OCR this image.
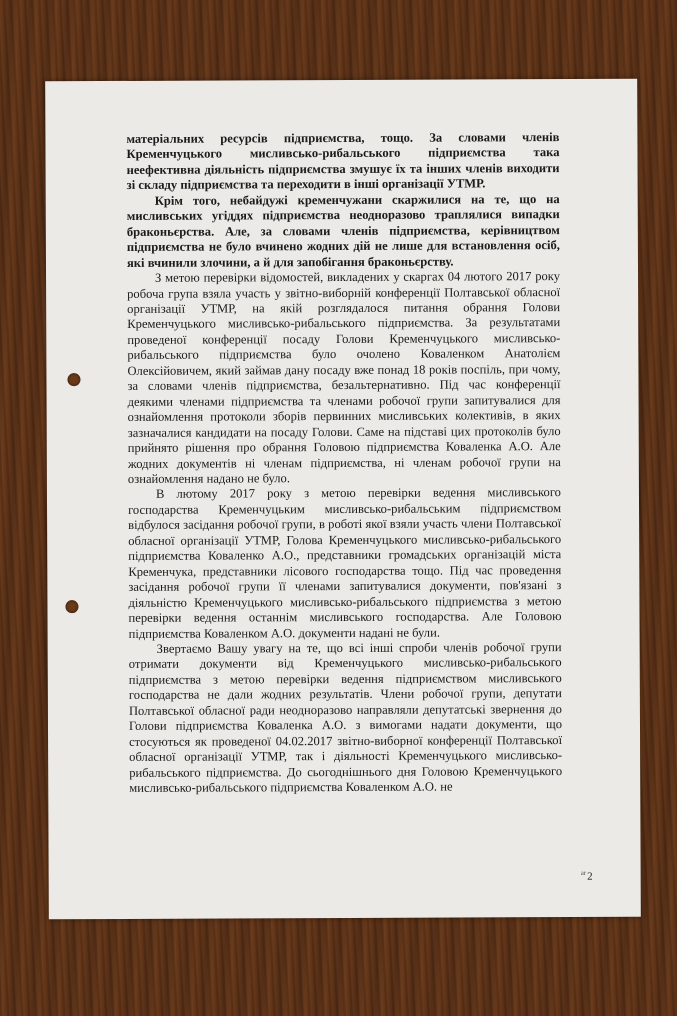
матеріальних ресурсів підприємства, тощо. За словами членів Кременчуцького мисливсько-рибальського підприємства така неефективна діяльність підприємства змушує їх та інших членів виходити зі складу підприємства та переходити в інші організації УТМР.

Крім того, небайдужі кременчужани скаржилися на те, що на мисливських угіддях підприємства неодноразово траплялися випадки браконьєрства. Але, за словами членів підприємства, керівництвом підприємства не було вчинено жодних дій не лише для встановлення осіб, які вчинили злочини, а й для запобігання браконьєрству.

З метою перевірки відомостей, викладених у скаргах 04 лютого 2017 року робоча група взяла участь у звітно-виборній конференції Полтавської обласної організації УТМР, на якій розглядалося питання обрання Голови Кременчуцького мисливсько-рибальського підприємства. За результатами проведеної конференції посаду Голови Кременчуцького мисливсько-рибальського підприємства було очолено Коваленком Анатолієм Олексійовичем, який займав дану посаду вже понад 18 років поспіль, при чому, за словами членів підприємства, безальтернативно. Під час конференції деякими членами підприємства та членами робочої групи запитувалися для ознайомлення протоколи зборів первинних мисливських колективів, в яких зазначалися кандидати на посаду Голови. Саме на підставі цих протоколів було прийнято рішення про обрання Головою підприємства Коваленка А.О. Але жодних документів ні членам підприємства, ні членам робочої групи на ознайомлення надано не було.

В лютому 2017 року з метою перевірки ведення мисливського господарства Кременчуцьким мисливсько-рибальським підприємством відбулося засідання робочої групи, в роботі якої взяли участь члени Полтавської обласної організації УТМР, Голова Кременчуцького мисливсько-рибальського підприємства Коваленко А.О., представники громадських організацій міста Кременчука, представники лісового господарства тощо. Під час проведення засідання робочої групи її членами запитувалися документи, пов'язані з діяльністю Кременчуцького мисливсько-рибальського підприємства з метою перевірки ведення останнім мисливського господарства. Але Головою підприємства Коваленком А.О. документи надані не були.

Звертаємо Вашу увагу на те, що всі інші спроби членів робочої групи отримати документи від Кременчуцького мисливсько-рибальського підприємства з метою перевірки ведення підприємством мисливського господарства не дали жодних результатів. Члени робочої групи, депутати Полтавської обласної ради неодноразово направляли депутатські звернення до Голови підприємства Коваленка А.О. з вимогами надати документи, що стосуються як проведеної 04.02.2017 звітно-виборної конференції Полтавської обласної організації УТМР, так і діяльності Кременчуцького мисливсько-рибальського підприємства. До сьогоднішнього дня Головою Кременчуцького мисливсько-рибальського підприємства Коваленком А.О. не

$^{ar}$2
